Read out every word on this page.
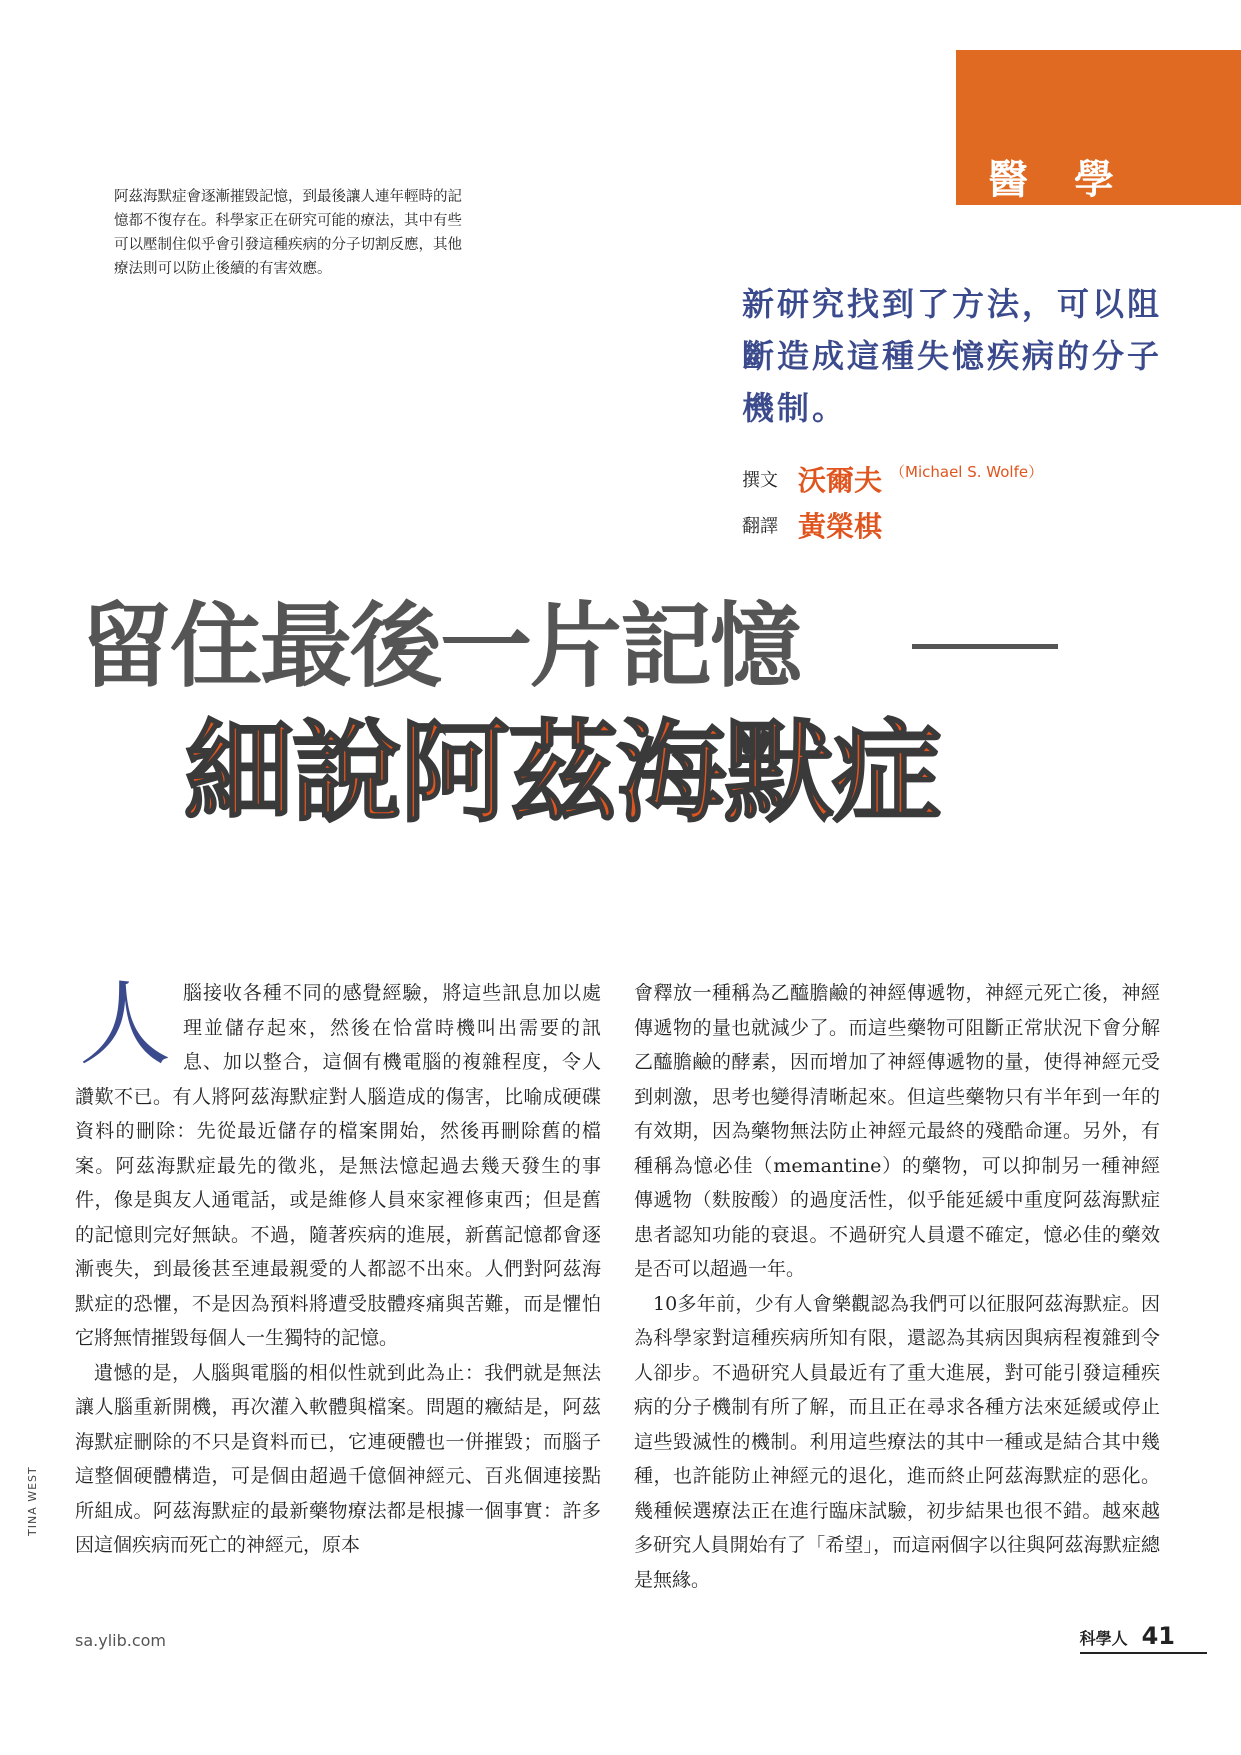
醫學

阿茲海默症會逐漸摧毀記憶，到最後讓人連年輕時的記憶都不復存在。科學家正在研究可能的療法，其中有些可以壓制住似乎會引發這種疾病的分子切割反應，其他療法則可以防止後續的有害效應。

新研究找到了方法，可以阻斷造成這種失憶疾病的分子機制。

撰文 沃爾夫 （Michael S. Wolfe）
翻譯 黃榮棋
留住最後一片記憶
細說阿茲海默症
人 腦接收各種不同的感覺經驗，將這些訊息加以處理並儲存起來，然後在恰當時機叫出需要的訊息、加以整合，這個有機電腦的複雜程度，令人讚歎不已。有人將阿茲海默症對人腦造成的傷害，比喻成硬碟資料的刪除：先從最近儲存的檔案開始，然後再刪除舊的檔案。阿茲海默症最先的徵兆，是無法憶起過去幾天發生的事件，像是與友人通電話，或是維修人員來家裡修東西；但是舊的記憶則完好無缺。不過，隨著疾病的進展，新舊記憶都會逐漸喪失，到最後甚至連最親愛的人都認不出來。人們對阿茲海默症的恐懼，不是因為預料將遭受肢體疼痛與苦難，而是懼怕它將無情摧毀每個人一生獨特的記憶。

遺憾的是，人腦與電腦的相似性就到此為止：我們就是無法讓人腦重新開機，再次灌入軟體與檔案。問題的癥結是，阿茲海默症刪除的不只是資料而已，它連硬體也一併摧毀；而腦子這整個硬體構造，可是個由超過千億個神經元、百兆個連接點所組成。阿茲海默症的最新藥物療法都是根據一個事實：許多因這個疾病而死亡的神經元，原本

會釋放一種稱為乙醯膽鹼的神經傳遞物，神經元死亡後，神經傳遞物的量也就減少了。而這些藥物可阻斷正常狀況下會分解乙醯膽鹼的酵素，因而增加了神經傳遞物的量，使得神經元受到刺激，思考也變得清晰起來。但這些藥物只有半年到一年的有效期，因為藥物無法防止神經元最終的殘酷命運。另外，有種稱為憶必佳（memantine）的藥物，可以抑制另一種神經傳遞物（麩胺酸）的過度活性，似乎能延緩中重度阿茲海默症患者認知功能的衰退。不過研究人員還不確定，憶必佳的藥效是否可以超過一年。

10多年前，少有人會樂觀認為我們可以征服阿茲海默症。因為科學家對這種疾病所知有限，還認為其病因與病程複雜到令人卻步。不過研究人員最近有了重大進展，對可能引發這種疾病的分子機制有所了解，而且正在尋求各種方法來延緩或停止這些毀滅性的機制。利用這些療法的其中一種或是結合其中幾種，也許能防止神經元的退化，進而終止阿茲海默症的惡化。幾種候選療法正在進行臨床試驗，初步結果也很不錯。越來越多研究人員開始有了「希望」，而這兩個字以往與阿茲海默症總是無緣。

TINA WEST
sa.ylib.com	科學人 41
